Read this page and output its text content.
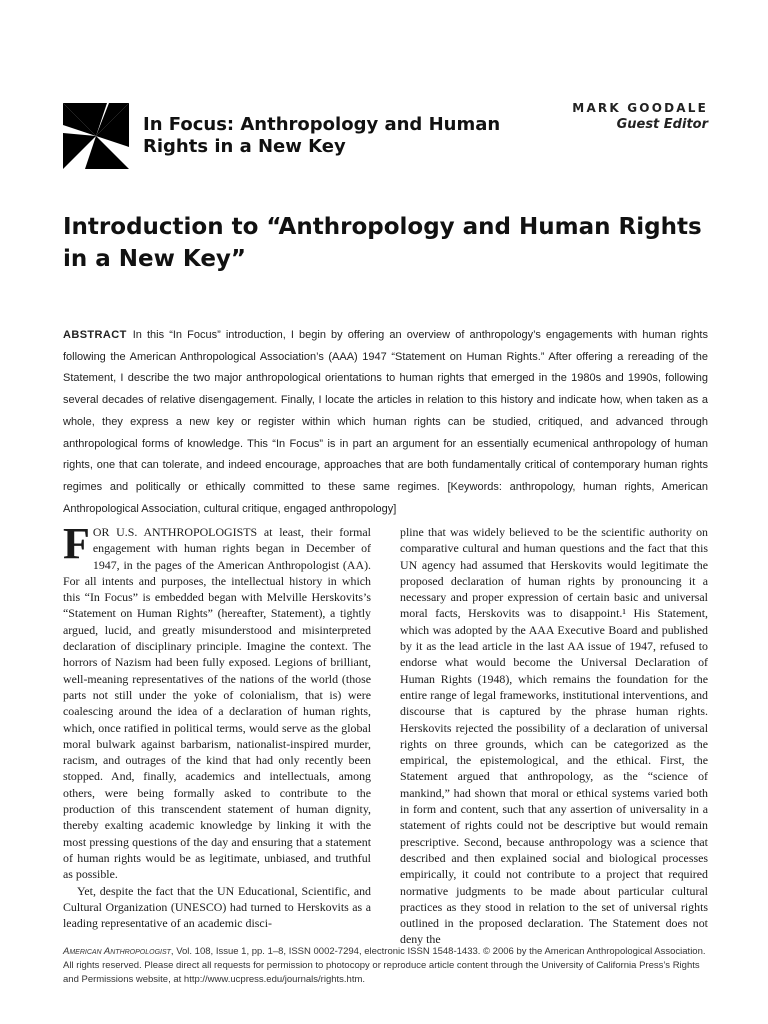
In Focus: Anthropology and Human Rights in a New Key
MARK GOODALE
Guest Editor
Introduction to “Anthropology and Human Rights in a New Key”

ABSTRACT In this “In Focus” introduction, I begin by offering an overview of anthropology’s engagements with human rights following the American Anthropological Association’s (AAA) 1947 “Statement on Human Rights.” After offering a rereading of the Statement, I describe the two major anthropological orientations to human rights that emerged in the 1980s and 1990s, following several decades of relative disengagement. Finally, I locate the articles in relation to this history and indicate how, when taken as a whole, they express a new key or register within which human rights can be studied, critiqued, and advanced through anthropological forms of knowledge. This “In Focus” is in part an argument for an essentially ecumenical anthropology of human rights, one that can tolerate, and indeed encourage, approaches that are both fundamentally critical of contemporary human rights regimes and politically or ethically committed to these same regimes. [Keywords: anthropology, human rights, American Anthropological Association, cultural critique, engaged anthropology]

FOR U.S. ANTHROPOLOGISTS at least, their formal engagement with human rights began in December of 1947, in the pages of the American Anthropologist (AA). For all intents and purposes, the intellectual history in which this “In Focus” is embedded began with Melville Herskovits’s “Statement on Human Rights” (hereafter, Statement), a tightly argued, lucid, and greatly misunderstood and misinterpreted declaration of disciplinary principle. Imagine the context. The horrors of Nazism had been fully exposed. Legions of brilliant, well-meaning representatives of the nations of the world (those parts not still under the yoke of colonialism, that is) were coalescing around the idea of a declaration of human rights, which, once ratified in political terms, would serve as the global moral bulwark against barbarism, nationalist-inspired murder, racism, and outrages of the kind that had only recently been stopped. And, finally, academics and intellectuals, among others, were being formally asked to contribute to the production of this transcendent statement of human dignity, thereby exalting academic knowledge by linking it with the most pressing questions of the day and ensuring that a statement of human rights would be as legitimate, unbiased, and truthful as possible.

Yet, despite the fact that the UN Educational, Scientific, and Cultural Organization (UNESCO) had turned to Herskovits as a leading representative of an academic disci-

pline that was widely believed to be the scientific authority on comparative cultural and human questions and the fact that this UN agency had assumed that Herskovits would legitimate the proposed declaration of human rights by pronouncing it a necessary and proper expression of certain basic and universal moral facts, Herskovits was to disappoint.¹ His Statement, which was adopted by the AAA Executive Board and published by it as the lead article in the last AA issue of 1947, refused to endorse what would become the Universal Declaration of Human Rights (1948), which remains the foundation for the entire range of legal frameworks, institutional interventions, and discourse that is captured by the phrase human rights. Herskovits rejected the possibility of a declaration of universal rights on three grounds, which can be categorized as the empirical, the epistemological, and the ethical. First, the Statement argued that anthropology, as the “science of mankind,” had shown that moral or ethical systems varied both in form and content, such that any assertion of universality in a statement of rights could not be descriptive but would remain prescriptive. Second, because anthropology was a science that described and then explained social and biological processes empirically, it could not contribute to a project that required normative judgments to be made about particular cultural practices as they stood in relation to the set of universal rights outlined in the proposed declaration. The Statement does not deny the

American Anthropologist, Vol. 108, Issue 1, pp. 1–8, ISSN 0002-7294, electronic ISSN 1548-1433. © 2006 by the American Anthropological Association.

All rights reserved. Please direct all requests for permission to photocopy or reproduce article content through the University of California Press’s Rights and Permissions website, at http://www.ucpress.edu/journals/rights.htm.
